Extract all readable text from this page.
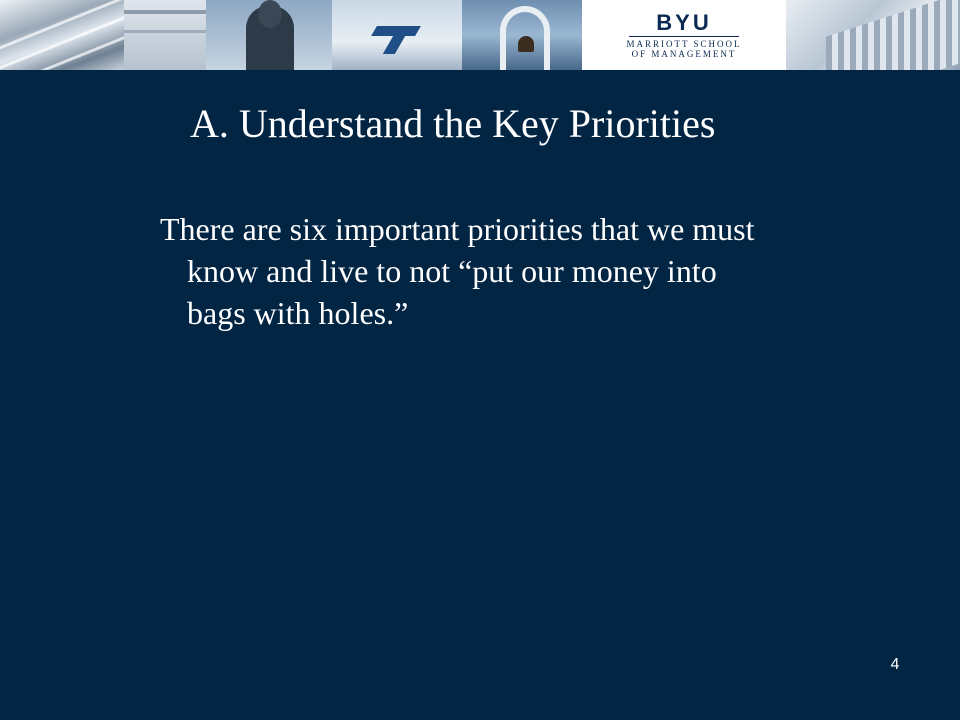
BYU
MARRIOTT SCHOOL
OF MANAGEMENT
A. Understand the Key Priorities
There are six important priorities that we must
know and live to not “put our money into
bags with holes.”
4
